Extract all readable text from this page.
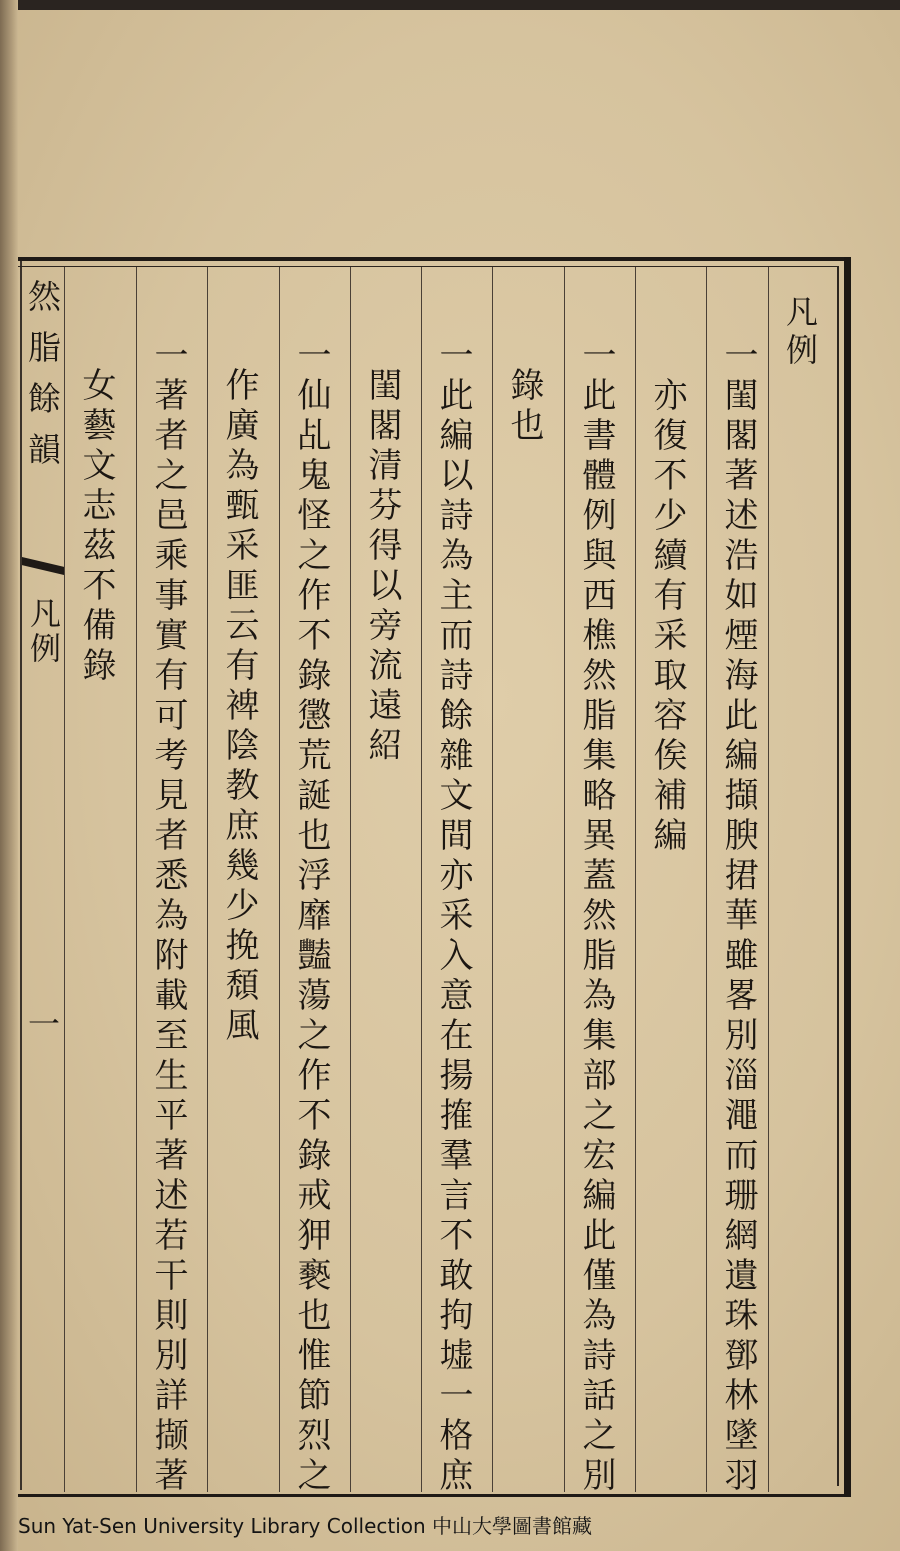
凡例
一閨閣著述浩如煙海此編擷腴捃華雖畧別淄澠而珊網遺珠鄧林墜羽
亦復不少續有采取容俟補編
一此書體例與西樵然脂集略異蓋然脂為集部之宏編此僅為詩話之別
錄也
一此編以詩為主而詩餘雜文間亦采入意在揚搉羣言不敢拘墟一格庶
閨閣清芬得以旁流遠紹
一仙乩鬼怪之作不錄懲荒誕也浮靡豔蕩之作不錄戒狎褻也惟節烈之
作廣為甄采匪云有裨陰教庶幾少挽頹風
一著者之邑乘事實有可考見者悉為附載至生平著述若干則別詳撷著
女藝文志茲不備錄
然脂餘韻
凡例
一
Sun Yat-Sen University Library Collection 中山大學圖書館藏
